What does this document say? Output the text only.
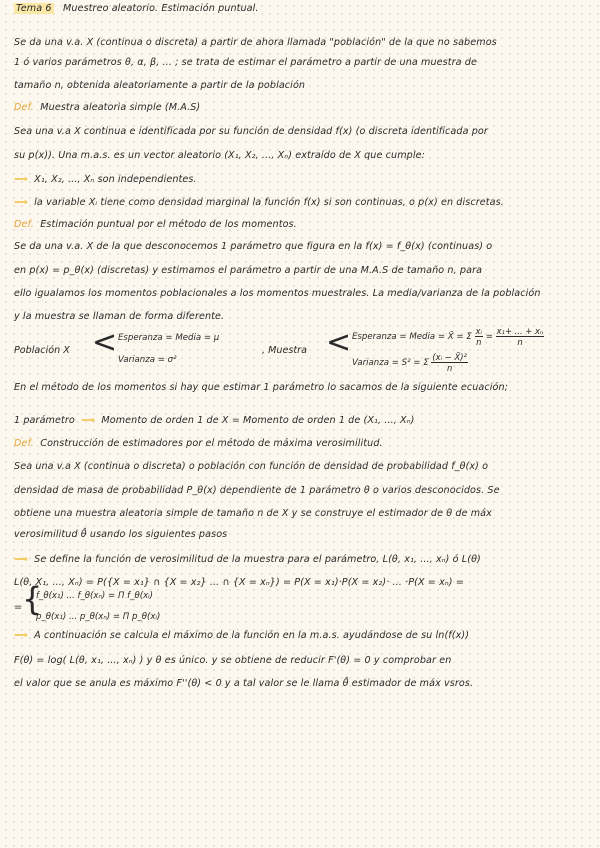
Tema 6 Muestreo aleatorio. Estimación puntual.
Se da una v.a. X (continua o discreta) a partir de ahora llamada "población" de la que no sabemos
1 ó varios parámetros θ, α, β, ... ; se trata de estimar el parámetro a partir de una muestra de
tamaño n, obtenida aleatoriamente a partir de la población
Def. Muestra aleatoria simple (M.A.S)
Sea una v.a X continua e identificada por su función de densidad f(x) (o discreta identificada por
su p(x)). Una m.a.s. es un vector aleatorio (X₁, X₂, ..., Xₙ) extraído de X que cumple:
⟹ X₁, X₂, ..., Xₙ son independientes.
⟹ la variable Xᵢ tiene como densidad marginal la función f(x) si son continuas, o p(x) en discretas.
Def. Estimación puntual por el método de los momentos.
Se da una v.a. X de la que desconocemos 1 parámetro que figura en la f(x) = f_θ(x) (continuas) o
en p(x) = p_θ(x) (discretas) y estimamos el parámetro a partir de una M.A.S de tamaño n, para
ello igualamos los momentos poblacionales a los momentos muestrales. La media/varianza de la población
y la muestra se llaman de forma diferente.
Población X < Esperanza = Media = μ
Varianza = σ²
, Muestra < Esperanza = Media = X̄ = Σ $\frac{\text{xᵢ}}{n} = \frac{\text{x₁+ ... + xₙ}}{n}$
Varianza = S² = Σ $\frac{\text{(xᵢ − X̄)²}}{n}$
En el método de los momentos si hay que estimar 1 parámetro lo sacamos de la siguiente ecuación;
1 parámetro ⟹ Momento de orden 1 de X = Momento de orden 1 de (X₁, ..., Xₙ)
Def. Construcción de estimadores por el método de máxima verosimilitud.
Sea una v.a X (continua o discreta) o población con función de densidad de probabilidad f_θ(x) o
densidad de masa de probabilidad P_θ(x) dependiente de 1 parámetro θ o varios desconocidos. Se
obtiene una muestra aleatoria simple de tamaño n de X y se construye el estimador de θ de máx
verosimilitud θ̂ usando los siguientes pasos
⟹ Se define la función de verosimilitud de la muestra para el parámetro, L(θ, x₁, ..., xₙ) ó L(θ)
L(θ, X₁, ..., Xₙ) = P({X = x₁} ∩ {X = x₂} ... ∩ {X = xₙ}) = P(X = x₁)·P(X = x₂)· ... ·P(X = xₙ) =
= {
f_θ(x₁) ... f_θ(xₙ) = Π f_θ(xᵢ)
p_θ(x₁) ... p_θ(xₙ) = Π p_θ(xᵢ)
⟹ A continuación se calcula el máximo de la función en la m.a.s. ayudándose de su ln(f(x))
F(θ) = log( L(θ, x₁, ..., xₙ) ) y θ es único. y se obtiene de reducir F'(θ) = 0 y comprobar en
el valor que se anula es máximo F''(θ) < 0 y a tal valor se le llama θ̂ estimador de máx vsros.
